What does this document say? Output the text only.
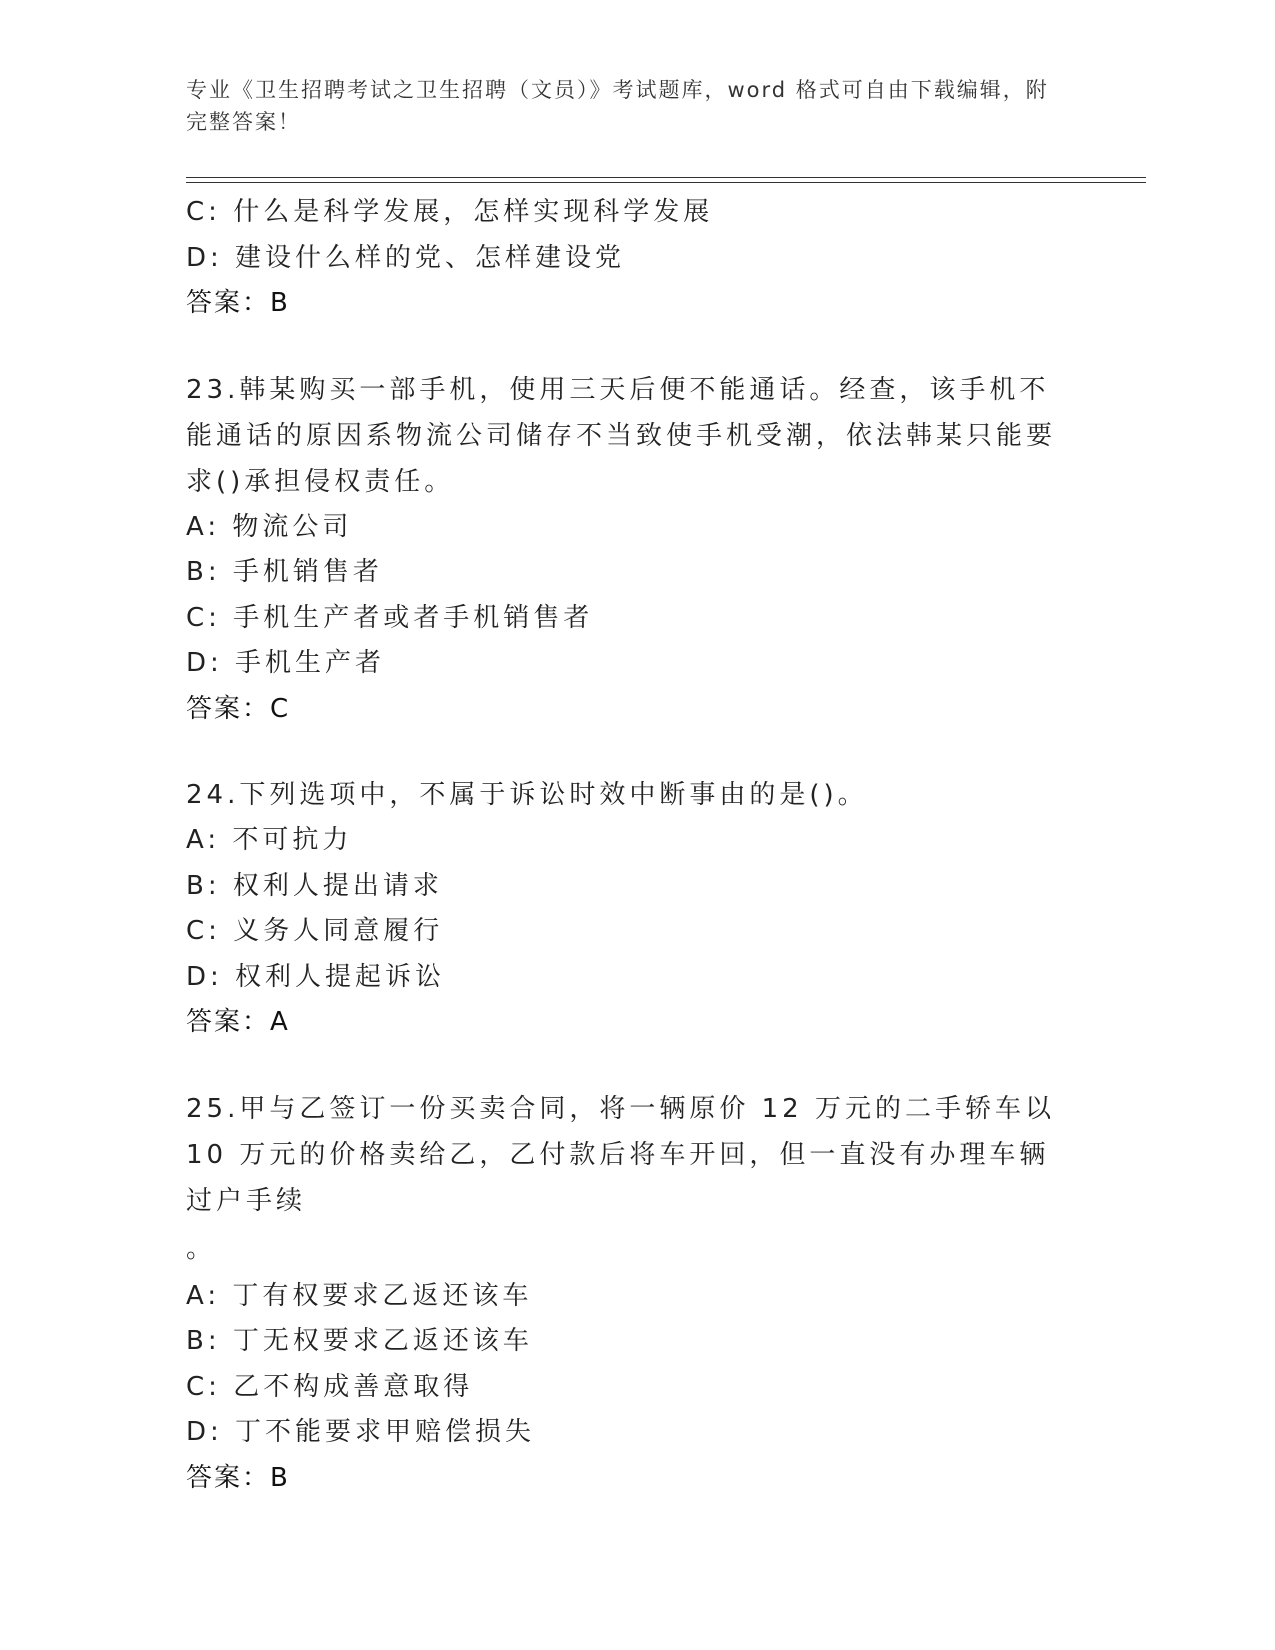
专业《卫生招聘考试之卫生招聘（文员）》考试题库，word 格式可自由下载编辑，附完整答案！
C: 什么是科学发展，怎样实现科学发展
D: 建设什么样的党、怎样建设党
答案：B
23.韩某购买一部手机，使用三天后便不能通话。经查，该手机不能通话的原因系物流公司储存不当致使手机受潮，依法韩某只能要求()承担侵权责任。
A: 物流公司
B: 手机销售者
C: 手机生产者或者手机销售者
D: 手机生产者
答案：C
24.下列选项中，不属于诉讼时效中断事由的是()。
A: 不可抗力
B: 权利人提出请求
C: 义务人同意履行
D: 权利人提起诉讼
答案：A
25.甲与乙签订一份买卖合同，将一辆原价 12 万元的二手轿车以 10 万元的价格卖给乙，乙付款后将车开回，但一直没有办理车辆过户手续
。
A: 丁有权要求乙返还该车
B: 丁无权要求乙返还该车
C: 乙不构成善意取得
D: 丁不能要求甲赔偿损失
答案：B
